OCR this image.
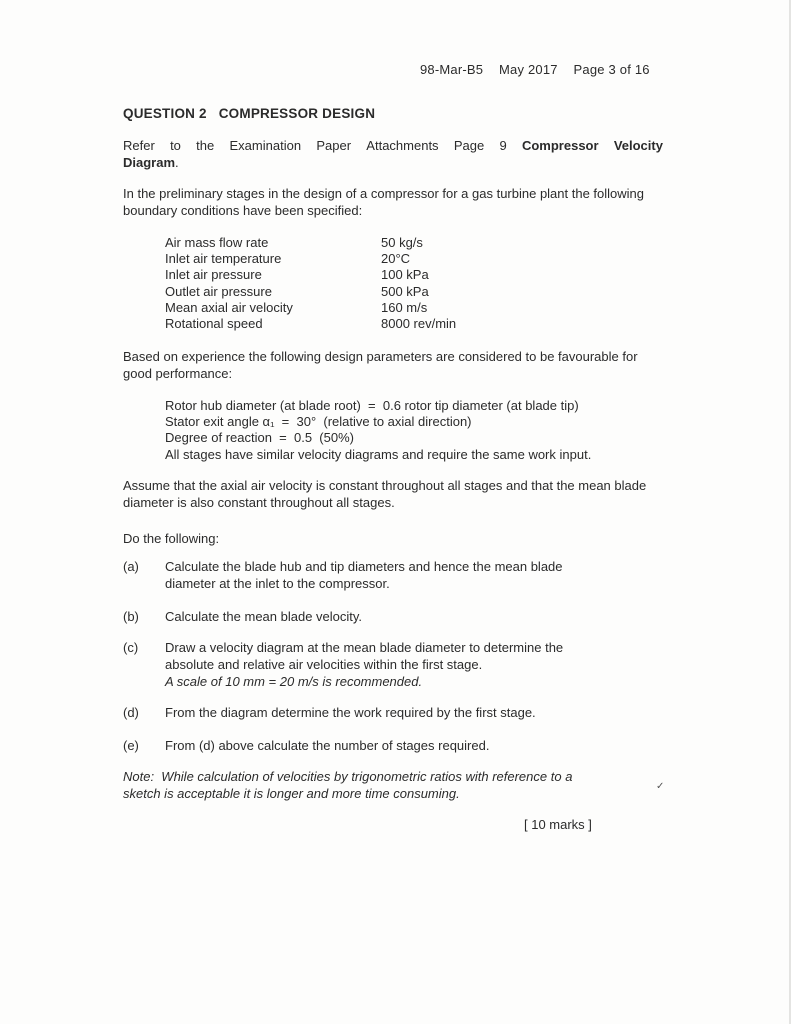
98-Mar-B5 May 2017 Page 3 of 16
QUESTION 2 COMPRESSOR DESIGN
Refer to the Examination Paper Attachments Page 9 Compressor Velocity
Diagram.
In the preliminary stages in the design of a compressor for a gas turbine plant the following boundary conditions have been specified:
Air mass flow rate	50 kg/s
Inlet air temperature	20°C
Inlet air pressure	100 kPa
Outlet air pressure	500 kPa
Mean axial air velocity	160 m/s
Rotational speed	8000 rev/min
Based on experience the following design parameters are considered to be favourable for good performance:
Rotor hub diameter (at blade root)  =  0.6 rotor tip diameter (at blade tip)
Stator exit angle α₁  =  30°  (relative to axial direction)
Degree of reaction  =  0.5  (50%)
All stages have similar velocity diagrams and require the same work input.
Assume that the axial air velocity is constant throughout all stages and that the mean blade diameter is also constant throughout all stages.
Do the following:
(a) Calculate the blade hub and tip diameters and hence the mean blade
diameter at the inlet to the compressor.
(b) Calculate the mean blade velocity.
(c) Draw a velocity diagram at the mean blade diameter to determine the
absolute and relative air velocities within the first stage.
A scale of 10 mm = 20 m/s is recommended.
(d) From the diagram determine the work required by the first stage.
(e) From (d) above calculate the number of stages required.
Note:  While calculation of velocities by trigonometric ratios with reference to a
sketch is acceptable it is longer and more time consuming.	✓
[ 10 marks ]
